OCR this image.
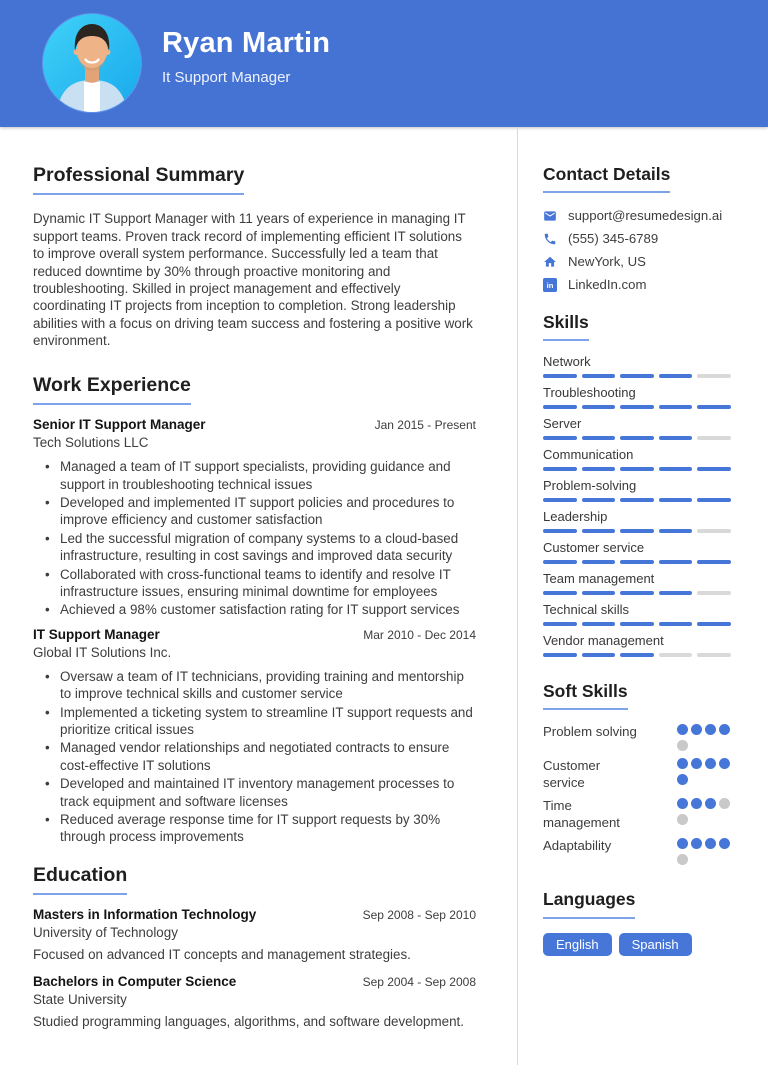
Ryan Martin
It Support Manager
Professional Summary

Dynamic IT Support Manager with 11 years of experience in managing IT support teams. Proven track record of implementing efficient IT solutions to improve overall system performance. Successfully led a team that reduced downtime by 30% through proactive monitoring and troubleshooting. Skilled in project management and effectively coordinating IT projects from inception to completion. Strong leadership abilities with a focus on driving team success and fostering a positive work environment.

Work Experience
Senior IT Support Manager	Jan 2015 - Present
Tech Solutions LLC
• Managed a team of IT support specialists, providing guidance and support in troubleshooting technical issues
• Developed and implemented IT support policies and procedures to improve efficiency and customer satisfaction
• Led the successful migration of company systems to a cloud-based infrastructure, resulting in cost savings and improved data security
• Collaborated with cross-functional teams to identify and resolve IT infrastructure issues, ensuring minimal downtime for employees
• Achieved a 98% customer satisfaction rating for IT support services
IT Support Manager	Mar 2010 - Dec 2014
Global IT Solutions Inc.
• Oversaw a team of IT technicians, providing training and mentorship to improve technical skills and customer service
• Implemented a ticketing system to streamline IT support requests and prioritize critical issues
• Managed vendor relationships and negotiated contracts to ensure cost-effective IT solutions
• Developed and maintained IT inventory management processes to track equipment and software licenses
• Reduced average response time for IT support requests by 30% through process improvements
Education
Masters in Information Technology	Sep 2008 - Sep 2010
University of Technology
Focused on advanced IT concepts and management strategies.
Bachelors in Computer Science	Sep 2004 - Sep 2008
State University
Studied programming languages, algorithms, and software development.
Contact Details
support@resumedesign.ai
(555) 345-6789
NewYork, US
in LinkedIn.com
Skills
Network
Troubleshooting
Server
Communication
Problem-solving
Leadership
Customer service
Team management
Technical skills
Vendor management
Soft Skills
Problem solving
Customer service
Time management
Adaptability
Languages
English	Spanish
